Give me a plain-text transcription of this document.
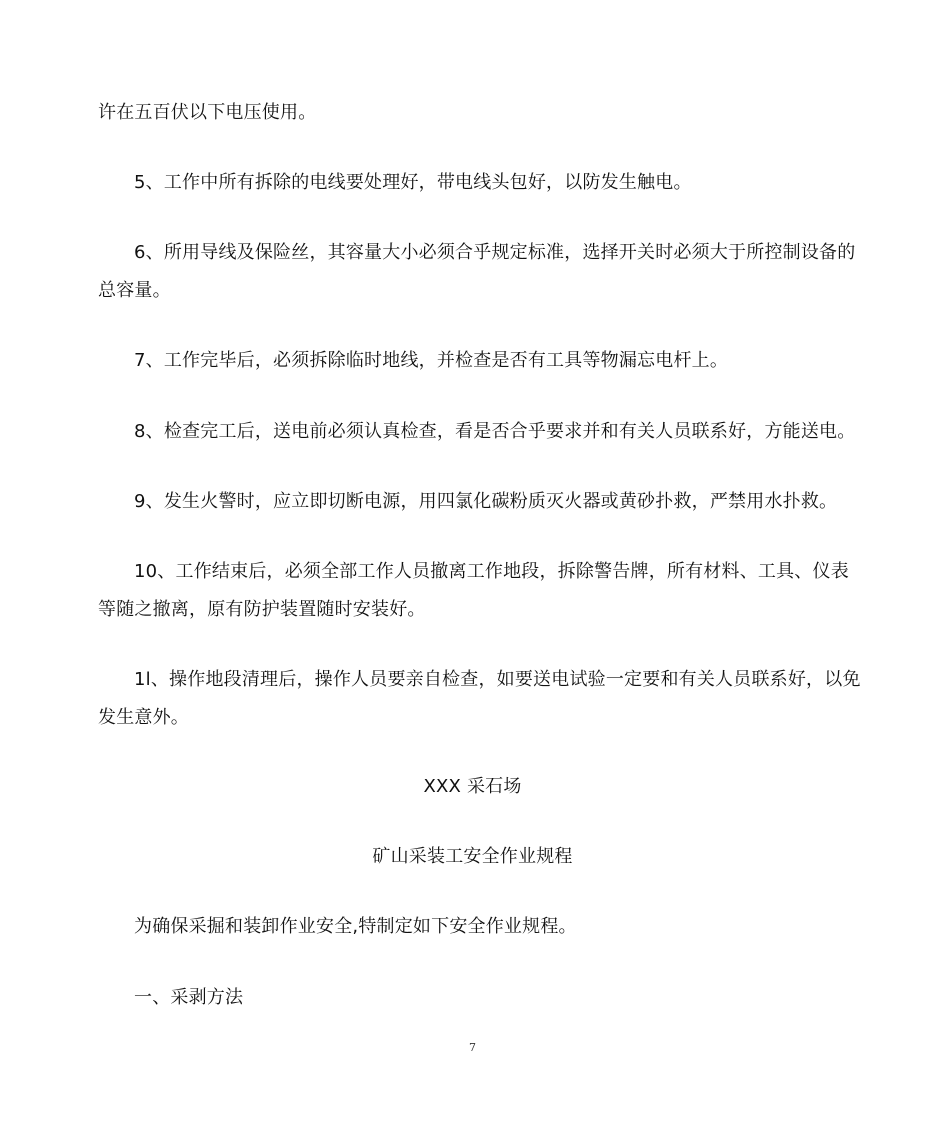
许在五百伏以下电压使用。
5、工作中所有拆除的电线要处理好，带电线头包好，以防发生触电。
6、所用导线及保险丝，其容量大小必须合乎规定标准，选择开关时必须大于所控制设备的
总容量。
7、工作完毕后，必须拆除临时地线，并检查是否有工具等物漏忘电杆上。
8、检查完工后，送电前必须认真检查，看是否合乎要求并和有关人员联系好，方能送电。
9、发生火警时，应立即切断电源，用四氯化碳粉质灭火器或黄砂扑救，严禁用水扑救。
10、工作结束后，必须全部工作人员撤离工作地段，拆除警告牌，所有材料、工具、仪表
等随之撤离，原有防护装置随时安装好。
1l、操作地段清理后，操作人员要亲自检查，如要送电试验一定要和有关人员联系好，以免
发生意外。
XXX 采石场
矿山采装工安全作业规程
为确保采掘和装卸作业安全,特制定如下安全作业规程。
一、采剥方法
7
